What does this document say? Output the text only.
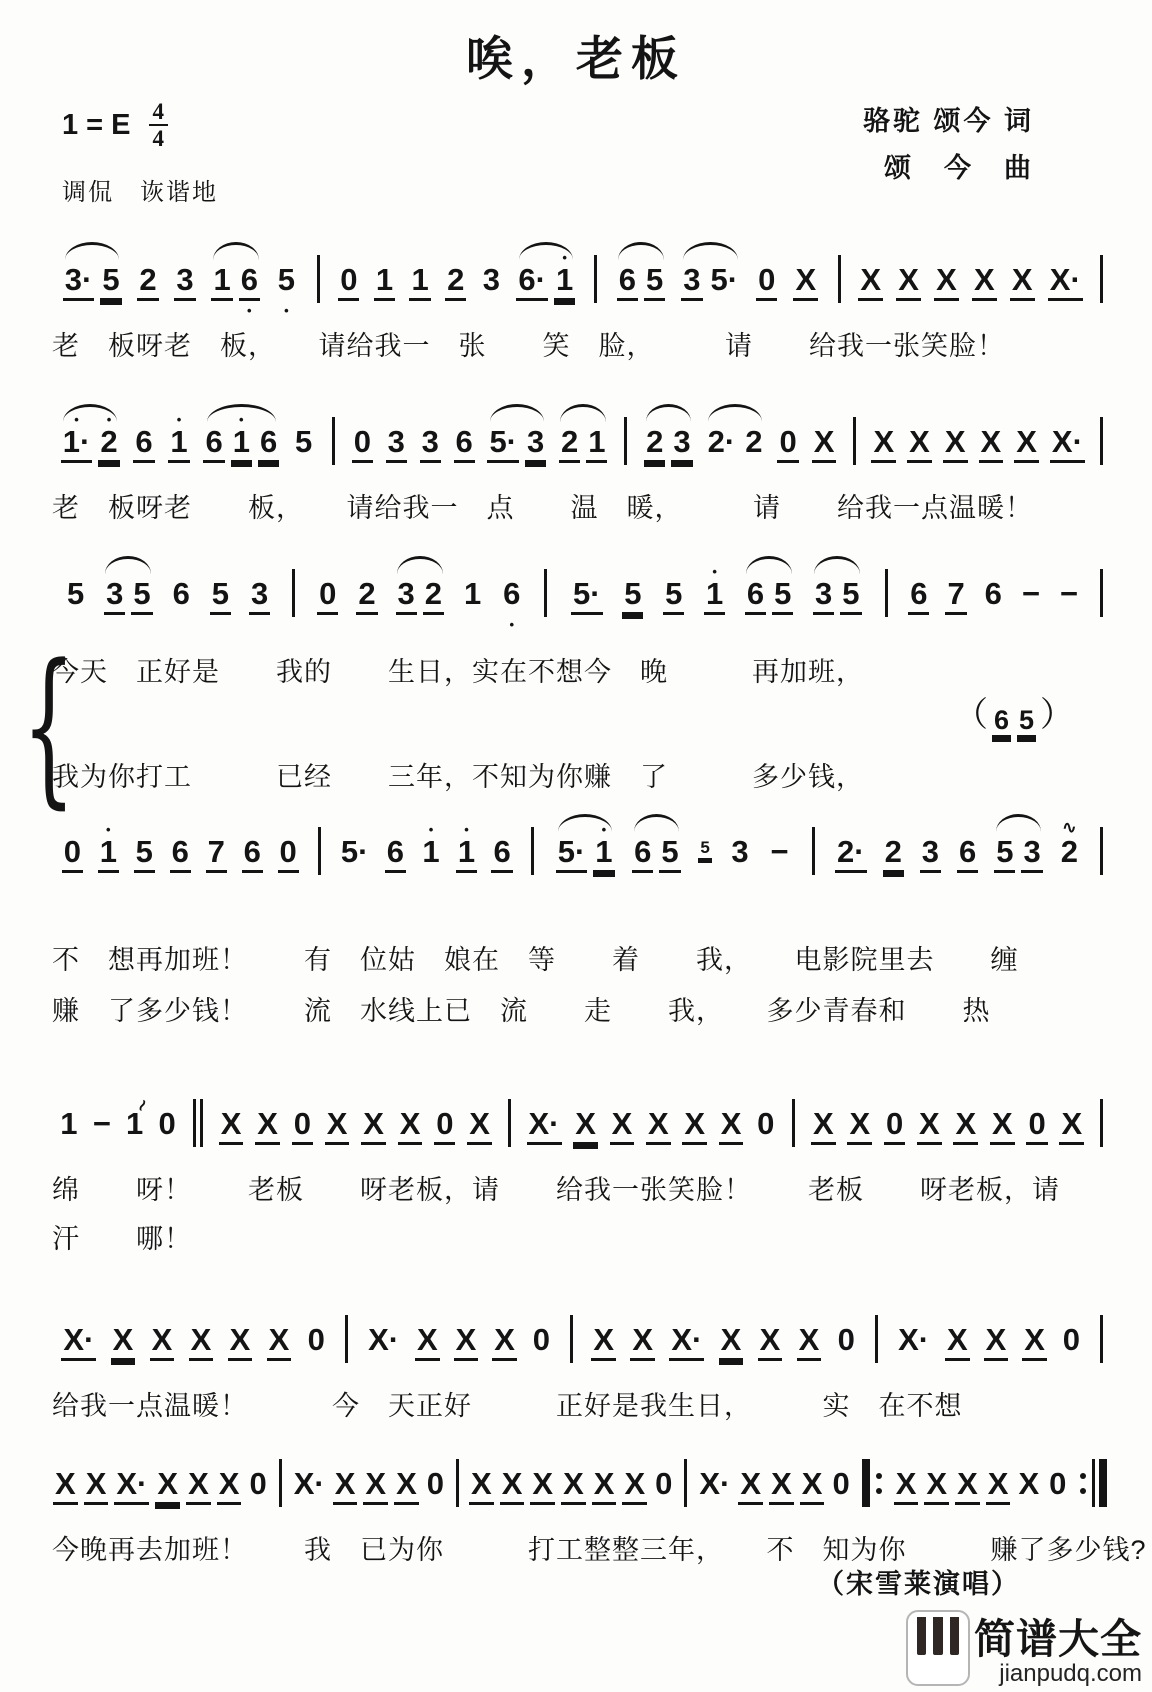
唉，老板
1 = E $\frac{4}{4}$
调侃　诙谐地
骆驼 颂今 词
颂　今　曲
3· 5 2 3 1 6
•
5
•
0 1 1 2 3 6·
•
1 6 5 3 5· 0 X X X X X X X·
老　板呀老　板，　　请给我一　张　　笑　脸，　　　请　　给我一张笑脸！
•
1·
•
2 6
•
1 6
•
1 6 5 0 3 3 6 5· 3 2 1 2 3 2· 2 0 X X X X X X X·
老　板呀老　　板，　　请给我一　点　　温　暖，　　　请　　给我一点温暖！
5 3 5 6 5 3 0 2 3 2 1 6
•
5· 5 5
•
1 6 5 3 5 6 7 6 − −
今天　正好是　　我的　　生日，实在不想今　晚　　　再加班，
我为你打工　　　已经　　三年，不知为你赚　了　　　多少钱，
{	（ 6 5 ）
0
•
1 5 6 7 6 0 5· 6
•
1
•
1 6 5·
•
1 6 5 5 3 − 2· 2 3 6 5 3
∿
2
不　想再加班！　　有　位姑　娘在　等　　着　　我，　　电影院里去　　缠
赚　了多少钱！　　流　水线上已　流　　走　　我，　　多少青春和　　热
1 −
≀
1 0 X X 0 X X X 0 X X· X X X X X 0 X X 0 X X X 0 X
绵　　呀！　　老板　　呀老板，请　　给我一张笑脸！　　老板　　呀老板，请
汗　　哪！
X· X X X X X 0 X· X X X 0 X X X· X X X 0 X· X X X 0
给我一点温暖！　　　今　天正好　　　正好是我生日，　　　实　在不想
X X X· X X X 0 X· X X X 0 X X X X X X 0 X· X X X 0 X X X X X 0
今晚再去加班！　　我　已为你　　　打工整整三年，　　不　知为你　　　赚了多少钱?
（宋雪莱演唱）
简谱大全
jianpudq.com
